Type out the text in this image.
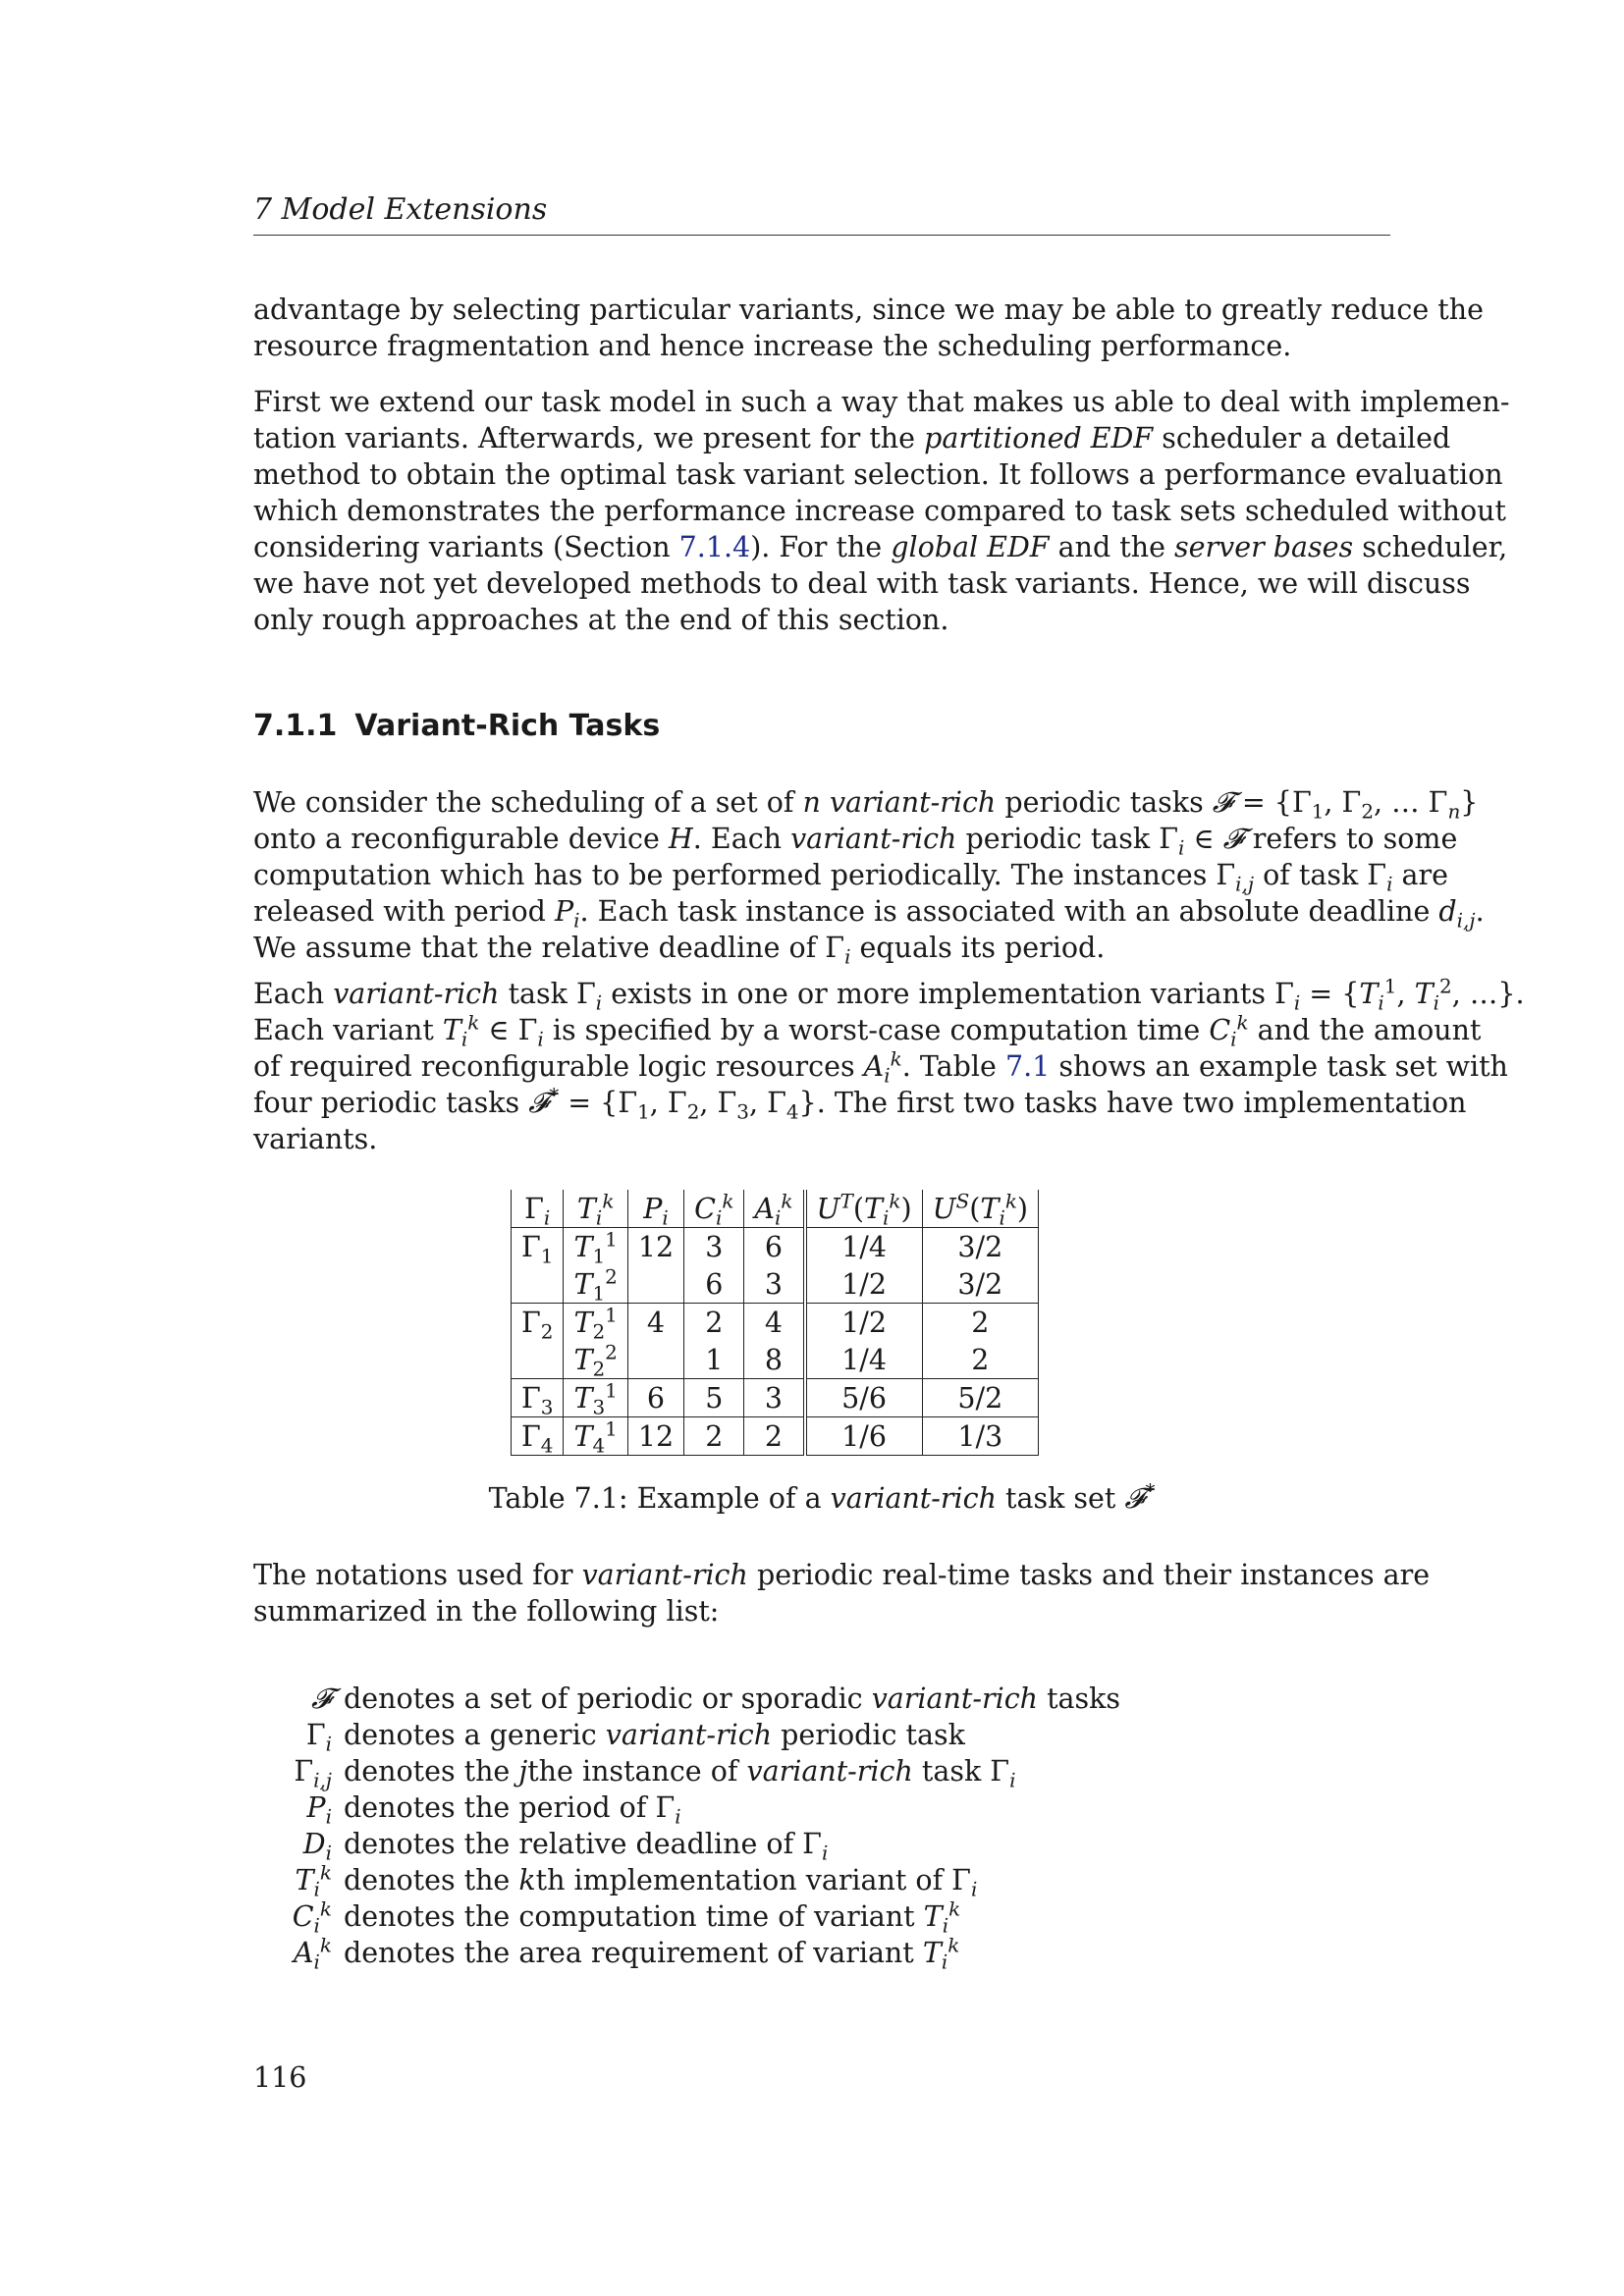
7 Model Extensions

advantage by selecting particular variants, since we may be able to greatly reduce the
resource fragmentation and hence increase the scheduling performance.

First we extend our task model in such a way that makes us able to deal with implemen-
tation variants. Afterwards, we present for the partitioned EDF scheduler a detailed
method to obtain the optimal task variant selection. It follows a performance evaluation
which demonstrates the performance increase compared to task sets scheduled without
considering variants (Section 7.1.4). For the global EDF and the server bases scheduler,
we have not yet developed methods to deal with task variants. Hence, we will discuss
only rough approaches at the end of this section.

7.1.1 Variant-Rich Tasks

We consider the scheduling of a set of n variant-rich periodic tasks 𝓕 = {$\Gamma_1$, $\Gamma_2$, … $\Gamma_n$}
onto a reconfigurable device H. Each variant-rich periodic task $\Gamma_i$ ∈ 𝓕 refers to some
computation which has to be performed periodically. The instances $\Gamma_{i,j}$ of task $\Gamma_i$ are
released with period $P_i$. Each task instance is associated with an absolute deadline $d_{i,j}$.
We assume that the relative deadline of $\Gamma_i$ equals its period.

Each variant-rich task $\Gamma_i$ exists in one or more implementation variants $\Gamma_i = \{T_i^1$, $T_i^2$, …}.
Each variant $T_i^k$ ∈ $\Gamma_i$ is specified by a worst-case computation time $C_i^k$ and the amount
of required reconfigurable logic resources $A_i^k$. Table 7.1 shows an example task set with
four periodic tasks 𝓕* = {$\Gamma_1$, $\Gamma_2$, $\Gamma_3$, $\Gamma_4$}. The first two tasks have two implementation
variants.

$\Gamma_i$	$T_i^k$	$P_i$	$C_i^k$	$A_i^k$	$U^T(T_i^k)$	$U^S(T_i^k)$
$\Gamma_1$	$T_1^1$	12	3	6	1/4	3/2
	$T_1^2$		6	3	1/2	3/2
$\Gamma_2$	$T_2^1$	4	2	4	1/2	2
	$T_2^2$		1	8	1/4	2
$\Gamma_3$	$T_3^1$	6	5	3	5/6	5/2
$\Gamma_4$	$T_4^1$	12	2	2	1/6	1/3
Table 7.1: Example of a variant-rich task set 𝓕*

The notations used for variant-rich periodic real-time tasks and their instances are
summarized in the following list:

𝓕 denotes a set of periodic or sporadic variant-rich tasks
$\Gamma_i$ denotes a generic variant-rich periodic task
$\Gamma_{i,j}$ denotes the jthe instance of variant-rich task $\Gamma_i$
$P_i$ denotes the period of $\Gamma_i$
$D_i$ denotes the relative deadline of $\Gamma_i$
$T_i^k$ denotes the kth implementation variant of $\Gamma_i$
$C_i^k$ denotes the computation time of variant $T_i^k$
$A_i^k$ denotes the area requirement of variant $T_i^k$
116
